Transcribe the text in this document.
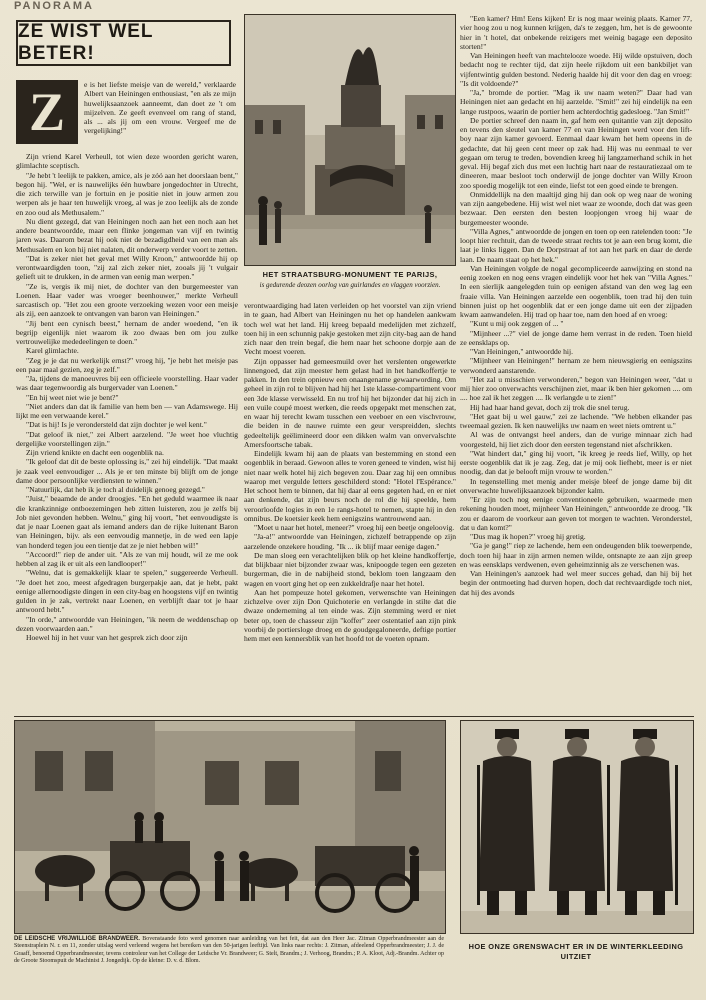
PANORAMA
ZE WIST WEL BETER!
Z	e is het liefste meisje van de wereld," verklaarde Albert van Heiningen enthousiast, "en als ze mijn huwelijksaanzoek aanneemt, dan doet ze 't om mijzelven. Ze geeft evenveel om rang of stand, als ... als jij om een vrouw. Vergeef me de vergelijking!"

Zijn vriend Karel Verheull, tot wien deze woorden gericht waren, glimlachte sceptisch.

"Je hebt 't leelijk te pakken, amice, als je zóó aan het doorslaan bent," begon hij. "Wel, er is nauwelijks één huwbare jongedochter in Utrecht, die zich terwille van je fortuin en je positie niet in jouw armen zou werpen als je haar ten huwelijk vroeg, al was je zoo leelijk als de zonde en zoo oud als Methusalem."

Nu dient gezegd, dat van Heiningen noch aan het een noch aan het andere beantwoordde, maar een flinke jongeman van vijf en twintig jaren was. Daarom bezat hij ook niet de bezadigdheid van een man als Methusalem en kon hij niet nalaten, dit onderwerp verder voort te zetten.

"Dat is zeker niet het geval met Willy Kroon," antwoordde hij op verontwaardigden toon, "zij zal zich zeker niet, zooals jij 't vulgair gelieft uit te drukken, in de armen van eenig man werpen."

"Ze is, vergis ik mij niet, de dochter van den burgemeester van Loenen. Haar vader was vroeger beenhouwer," merkte Verheull sarcastisch op. "Het zou een groote verzoeking wezen voor een meisje als zij, een aanzoek te ontvangen van baron van Heiningen."

"Jij bent een cynisch beest," hernam de ander woedend, "en ik begrijp eigenlijk niet waarom ik zoo dwaas ben om jou zulke vertrouwelijke mededeelingen te doen."

Karel glimlachte.

"Zeg je je dat nu werkelijk ernst?" vroeg hij, "je hebt het meisje pas een paar maal gezien, zeg je zelf."

"Ja, tijdens de manoeuvres bij een officieele voorstelling. Haar vader was daar tegenwoordig als burgervader van Loenen."

"En hij weet niet wie je bent?"

"Niet anders dan dat ik familie van hem ben — van Adamswege. Hij lijkt me een verwaande kerel."

"Dat is hij! Is je verondersteld dat zijn dochter je wel kent."

"Dat geloof ik niet," zei Albert aarzelend. "Je weet hoe vluchtig dergelijke voorstellingen zijn."

Zijn vriend knikte en dacht een oogenblik na.

"Ik geloof dat dit de beste oplossing is," zei hij eindelijk. "Dat maakt je zaak veel eenvoudiger ... Als je er ten minste bij blijft om de jonge dame door persoonlijke verdiensten te winnen."

"Natuurlijk, dat heb ik je toch al duidelijk genoeg gezegd."

"Juist," beaamde de ander droogjes. "En het geduld waarmee ik naar die krankzinnige ontboezemingen heb zitten luisteren, zou je zelfs bij Job niet gevonden hebben. Welnu," ging hij voort, "het eenvoudigste is dat je naar Loenen gaat als iemand anders dan de rijke luitenant Baron van Heiningen, bijv. als een eenvoudig mannetje, in de wed een lapje van honderd tegen jou een tientje dat ze je niet hebben wil!"

"Accoord!" riep de ander uit. "Als ze van mij houdt, wil ze me ook hebben al zag ik er uit als een landlooper!"

"Welnu, dat is gemakkelijk klaar te spelen," suggereerde Verheull. "Je doet het zoo, meest afgedragen burgerpakje aan, dat je hebt, pakt eenige allernoodigste dingen in een city-bag en hoogstens vijf en twintig gulden in je zak, vertrekt naar Loenen, en verblijft daar tot je haar antwoord hebt."

"In orde," antwoordde van Heiningen, "ik neem de weddenschap op dezen voorwaarden aan."

Hoewel hij in het vuur van het gesprek zich door zijn

HET STRAATSBURG-MONUMENT TE PARIJS,
is gedurende deozen oorlog van guirlandes en vlaggen voorzien.

verontwaardiging had laten verleiden op het voorstel van zijn vriend in te gaan, had Albert van Heiningen nu het op handelen aankwam toch wel wat het land. Hij kreeg bepaald medelijden met zichzelf, toen hij in een schunnig pakje gestoken met zijn city-bag aan de hand zich naar den trein begaf, die hem naar het schoone dorpje aan de Vecht moest voeren.

Zijn oppasser had gemeesmuild over het verslenten ongewerkte linnengoed, dat zijn meester hem gelast had in het handkoffertje te pakken. In den trein opnieuw een onaangename gewaarwording. Om geheel in zijn rol te blijven had hij het 1ste klasse-compartiment voor een 3de klasse verwisseld. En nu trof hij het bijzonder dat hij zich in een vuile coupé moest werken, die reeds opgepakt met menschen zat, en waar hij terecht kwam tusschen een veeboer en een vischvrouw, die beiden in de nauwe ruimte een geur verspreidden, slechts gedeeltelijk geëlimineerd door een dikken walm van onvervalschte Amersfoortsche tabak.

Eindelijk kwam hij aan de plaats van bestemming en stond een oogenblik in beraad. Gewoon alles te voren geneed te vinden, wist hij niet naar welk hotel hij zich begeven zou. Daar zag hij een omnibus waarop met vergulde letters geschilderd stond: "Hotel l'Espérance." Het schoot hem te binnen, dat hij daar al eens gegeten had, en er niet aan denkende, dat zijn beurs noch de rol die hij speelde, hem veroorloofde logies in een 1e rangs-hotel te nemen, stapte hij in den omnibus. De koetsier keek hem eenigszins wantrouwend aan.

"Moet u naar het hotel, meneer?" vroeg hij een beetje ongeloovig.

"Ja-a!" antwoordde van Heiningen, zichzelf betrappende op zijn aarzelende onzekere houding. "Ik ... ik blijf maar eenige dagen."

De man sloeg een verachtelijken blik op het kleine handkoffertje, dat blijkbaar niet bijzonder zwaar was, knipoogde tegen een gezeten burgerman, die in de nabijheid stond, beklom toen langzaam den wagen en voort ging het op een zukkeldrafje naar het hotel.

Aan het pompeuze hotel gekomen, verwenschte van Heiningen zichzelve over zijn Don Quichoterie en verlangde in stilte dat die dwaze onderneming al ten einde was. Zijn stemming werd er niet beter op, toen de chasseur zijn "koffer" zeer ostentatief aan zijn pink voorbij de portiersloge droeg en de goudgegaloneerde, deftige portier hem met een kennersblik van het hoofd tot de voeten opnam.

"Een kamer? Hm! Eens kijken! Er is nog maar weinig plaats. Kamer 77, vier hoog zou u nog kunnen krijgen, da's te zeggen, hm, het is de gewoonte hier in 't hotel, dat onbekende reizigers met weinig bagage een deposito storten!"

Van Heiningen heeft van machtelooze woede. Hij wilde opstuiven, doch bedacht nog te rechter tijd, dat zijn heele rijkdom uit een bankbiljet van vijfentwintig gulden bestond. Nederig haalde hij dit voor den dag en vroeg: "Is dit voldoende?"

"Ja," bromde de portier. "Mag ik uw naam weten?" Daar had van Heiningen niet aan gedacht en hij aarzelde. "Smit!" zei hij eindelijk na een lange rustpoos, waarin de portier hem achterdochtig gadesloeg. "Jan Smit!"

De portier schreef den naam in, gaf hem een quitantie van zijt deposito en tevens den sleutel van kamer 77 en van Heiningen werd voor den lift-boy naar zijn kamer gevoerd. Eenmaal daar kwam het hem opeens in de gedachte, dat hij geen cent meer op zak had. Hij was nu eenmaal te ver gegaan om terug te treden, bovendien kreeg hij langzamerhand schik in het geval. Hij begaf zich dus met een luchtig hart naar de restauratiezaal om te dineeren, maar besloot toch onderwijl de jonge dochter van Willy Kroon zoo spoedig mogelijk tot een einde, liefst tot een goed einde te brengen.

Onmiddellijk na den maaltijd ging hij dan ook op weg naar de woning van zijn aangebedene. Hij wist wel niet waar ze woonde, doch dat was geen bezwaar. Den eersten den besten loopjongen vroeg hij waar de burgemeester woonde.

"Villa Agnes," antwoordde de jongen en toen op een ratelenden toon: "Je loopt hier rechtuit, dan de tweede straat rechts tot je aan een brug komt, die laat je links liggen. Dan de Dorpstraat af tot aan het park en daar de derde laan. De naam staat op het hek."

Van Heiningen volgde de nogal gecompliceerde aanwijzing en stond na eenig zoeken en nog eens vragen eindelijk voor het hek van "Villa Agnes." In een sierlijk aangelegden tuin op eenigen afstand van den weg lag een fraaie villa. Van Heiningen aarzelde een oogenblik, toen trad hij den tuin binnen juist op het oogenblik dat er een jonge dame uit een der zijpaden kwam aanwandelen. Hij trad op haar toe, nam den hoed af en vroeg:

"Kunt u mij ook zeggen of ... "

"Mijnheer ...?" viel de jonge dame hem verrast in de reden. Toen hield ze eensklaps op.

"Van Heiningen," antwoordde hij.

"Mijnheer van Heiningen!" hernam ze hem nieuwsgierig en eenigszins verwonderd aanstarende.

"Het zal u misschien verwonderen," begon van Heiningen weer, "dat u mij hier zoo onverwachts verschijnen ziet, maar ik ben hier gekomen .... om .... hoe zal ik het zeggen .... Ik verlangde u te zien!"

Hij had haar hand gevat, doch zij trok die snel terug.

"Het gaat bij u wel gauw," zei ze lachende. "We hebben elkander pas tweemaal gezien. Ik ken nauwelijks uw naam en weet niets omtrent u."

Al was de ontvangst heel anders, dan de vurige minnaar zich had voorgesteld, hij liet zich door den eersten tegenstand niet afschrikken.

"Wat hindert dat," ging hij voort, "ik kreeg je reeds lief, Willy, op het eerste oogenblik dat ik je zag. Zeg, dat je mij ook liefhebt, meer is er niet noodig, dan dat je belooft mijn vrouw te worden."

In tegenstelling met menig ander meisje bleef de jonge dame bij dit onverwachte huwelijksaanzoek bijzonder kalm.

"Er zijn toch nog eenige conventioneele gebruiken, waarmede men rekening houden moet, mijnheer Van Heiningen," antwoordde ze droog. "Ik zou er daarom de voorkeur aan geven tot morgen te wachten. Veronderstel, dat u dan komt?"

"Dus mag ik hopen?" vroeg hij gretig.

"Ga je gang!" riep ze lachende, hem een ondeugenden blik toewerpende, doch toen hij haar in zijn armen nemen wilde, ontsnapte ze aan zijn greep en was eensklaps verdwenen, even geheimzinnig als ze verschenen was.

Van Heiningen's aanzoek had wel meer succes gehad, dan hij bij het begin der ontmoeting had durven hopen, doch dat rechtvaardigde toch niet, dat hij des avonds

DE LEIDSCHE VRIJWILLIGE BRANDWEER. Bovenstaande foto werd genomen naar aanleiding van het feit, dat aan den Heer Jac. Zitman Opperbrandmeester aan de Steenstraplein N. r. en 11, zonder uitslag werd verleend wegens het bereiken van den 50-jarigen leeftijd. Van links naar rechts: J. Zitman, afdeelend Opperbrandmeester; J. J. de Graaff, benoemd Opperbrandmeester, tevens controleur van het College der Leidsche Vr. Brandweer; G. Stelt, Brandm.; J. Verhoog, Brandm.; P. A. Kloot, Adj.-Brandm. Achter op de Groote Stoomspuit de Machinist J. Jongedijk. Op de kleine: D. v. d. Blom.
HOE ONZE GRENSWACHT ER IN DE WINTERKLEEDING UITZIET
